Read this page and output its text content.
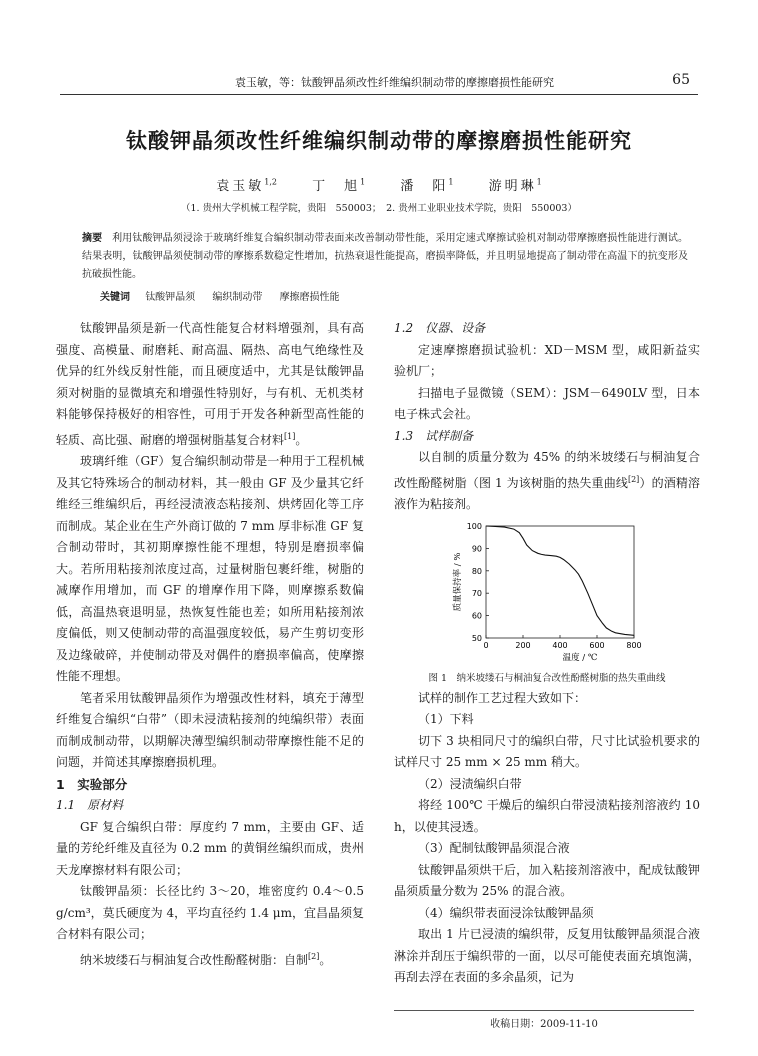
袁玉敏，等：钛酸钾晶须改性纤维编织制动带的摩擦磨损性能研究	65
钛酸钾晶须改性纤维编织制动带的摩擦磨损性能研究
袁玉敏$^{1,2}$	丁　旭$^1$	潘　阳$^1$	游明琳$^1$
（1. 贵州大学机械工程学院，贵阳　550003；　2. 贵州工业职业技术学院，贵阳　550003）
摘要 利用钛酸钾晶须浸涂于玻璃纤维复合编织制动带表面来改善制动带性能，采用定速式摩擦试验机对制动带摩擦磨损性能进行测试。结果表明，钛酸钾晶须使制动带的摩擦系数稳定性增加，抗热衰退性能提高，磨损率降低，并且明显地提高了制动带在高温下的抗变形及抗破损性能。
关键词 钛酸钾晶须 编织制动带 摩擦磨损性能

钛酸钾晶须是新一代高性能复合材料增强剂，具有高强度、高模量、耐磨耗、耐高温、隔热、高电气绝缘性及优异的红外线反射性能，而且硬度适中，尤其是钛酸钾晶须对树脂的显微填充和增强性特别好，与有机、无机类材料能够保持极好的相容性，可用于开发各种新型高性能的轻质、高比强、耐磨的增强树脂基复合材料[1]。

玻璃纤维（GF）复合编织制动带是一种用于工程机械及其它特殊场合的制动材料，其一般由 GF 及少量其它纤维经三维编织后，再经浸渍液态粘接剂、烘烤固化等工序而制成。某企业在生产外商订做的 7 mm 厚非标准 GF 复合制动带时，其初期摩擦性能不理想，特别是磨损率偏大。若所用粘接剂浓度过高，过量树脂包裹纤维，树脂的减摩作用增加，而 GF 的增摩作用下降，则摩擦系数偏低，高温热衰退明显，热恢复性能也差；如所用粘接剂浓度偏低，则又使制动带的高温强度较低，易产生剪切变形及边缘破碎，并使制动带及对偶件的磨损率偏高，使摩擦性能不理想。

笔者采用钛酸钾晶须作为增强改性材料，填充于薄型纤维复合编织“白带”（即未浸渍粘接剂的纯编织带）表面而制成制动带，以期解决薄型编织制动带摩擦性能不足的问题，并简述其摩擦磨损机理。

1　实验部分
1.1　原材料

GF 复合编织白带：厚度约 7 mm，主要由 GF、适量的芳纶纤维及直径为 0.2 mm 的黄铜丝编织而成，贵州天龙摩擦材料有限公司；

钛酸钾晶须：长径比约 3～20，堆密度约 0.4～0.5 g/cm³，莫氏硬度为 4，平均直径约 1.4 μm，宜昌晶须复合材料有限公司；

纳米坡缕石与桐油复合改性酚醛树脂：自制[2]。

1.2　仪器、设备

定速摩擦磨损试验机：XD－MSM 型，咸阳新益实验机厂；

扫描电子显微镜（SEM）：JSM－6490LV 型，日本电子株式会社。

1.3　试样制备

以自制的质量分数为 45% 的纳米坡缕石与桐油复合改性酚醛树脂（图 1 为该树脂的热失重曲线[2]）的酒精溶液作为粘接剂。

0	200	400	600	800
50
60
70
80
90
100
温度 / ℃
质量保持率 / %
图 1　纳米坡缕石与桐油复合改性酚醛树脂的热失重曲线

试样的制作工艺过程大致如下：

（1）下料

切下 3 块相同尺寸的编织白带，尺寸比试验机要求的试样尺寸 25 mm × 25 mm 稍大。

（2）浸渍编织白带

将经 100℃ 干燥后的编织白带浸渍粘接剂溶液约 10 h，以使其浸透。

（3）配制钛酸钾晶须混合液

钛酸钾晶须烘干后，加入粘接剂溶液中，配成钛酸钾晶须质量分数为 25% 的混合液。

（4）编织带表面浸涂钛酸钾晶须

取出 1 片已浸渍的编织带，反复用钛酸钾晶须混合液淋涂并刮压于编织带的一面，以尽可能使表面充填饱满，再刮去浮在表面的多余晶须，记为

收稿日期：2009-11-10
